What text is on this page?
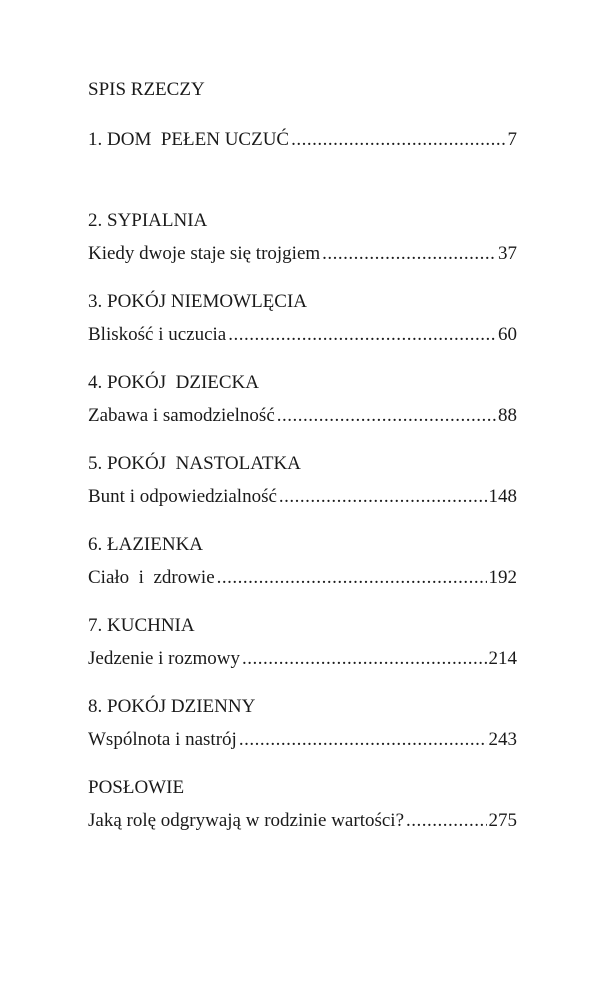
SPIS RZECZY
1. DOM  PEŁEN UCZUĆ .....	7
2. SYPIALNIA
Kiedy dwoje staje się trojgiem .....	37
3. POKÓJ NIEMOWLĘCIA
Bliskość i uczucia .....	60
4. POKÓJ  DZIECKA
Zabawa i samodzielność .....	88
5. POKÓJ  NASTOLATKA
Bunt i odpowiedzialność .....	148
6. ŁAZIENKA
Ciało  i  zdrowie .....	192
7. KUCHNIA
Jedzenie i rozmowy .....	214
8. POKÓJ DZIENNY
Wspólnota i nastrój .....	243
POSŁOWIE
Jaką rolę odgrywają w rodzinie wartości? .....	275
